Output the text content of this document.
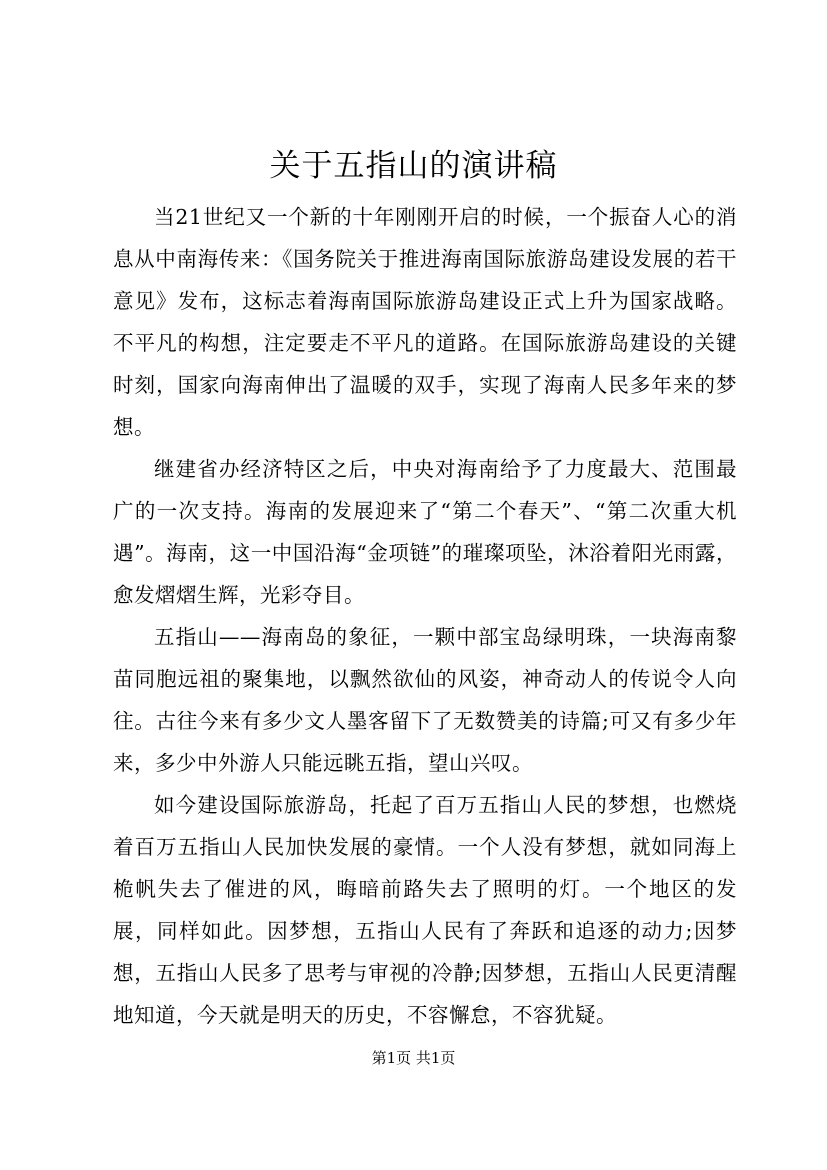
关于五指山的演讲稿

当21世纪又一个新的十年刚刚开启的时候，一个振奋人心的消息从中南海传来：《国务院关于推进海南国际旅游岛建设发展的若干意见》发布，这标志着海南国际旅游岛建设正式上升为国家战略。不平凡的构想，注定要走不平凡的道路。在国际旅游岛建设的关键时刻，国家向海南伸出了温暖的双手，实现了海南人民多年来的梦想。

继建省办经济特区之后，中央对海南给予了力度最大、范围最广的一次支持。海南的发展迎来了“第二个春天”、“第二次重大机遇”。海南，这一中国沿海“金项链”的璀璨项坠，沐浴着阳光雨露，愈发熠熠生辉，光彩夺目。

五指山——海南岛的象征，一颗中部宝岛绿明珠，一块海南黎苗同胞远祖的聚集地，以飘然欲仙的风姿，神奇动人的传说令人向往。古往今来有多少文人墨客留下了无数赞美的诗篇;可又有多少年来，多少中外游人只能远眺五指，望山兴叹。

如今建设国际旅游岛，托起了百万五指山人民的梦想，也燃烧着百万五指山人民加快发展的豪情。一个人没有梦想，就如同海上桅帆失去了催进的风，晦暗前路失去了照明的灯。一个地区的发展，同样如此。因梦想，五指山人民有了奔跃和追逐的动力;因梦想，五指山人民多了思考与审视的冷静;因梦想，五指山人民更清醒地知道，今天就是明天的历史，不容懈怠，不容犹疑。

第1页 共1页
